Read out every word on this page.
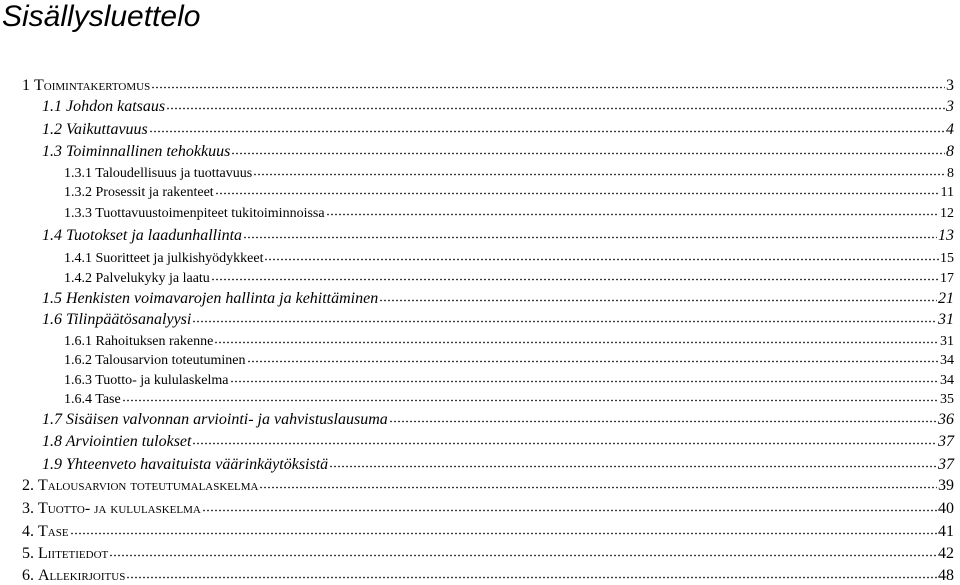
Sisällysluettelo
1 Toimintakertomus	3
1.1 Johdon katsaus	3
1.2 Vaikuttavuus	4
1.3 Toiminnallinen tehokkuus	8
1.3.1 Taloudellisuus ja tuottavuus	8
1.3.2 Prosessit ja rakenteet	11
1.3.3 Tuottavuustoimenpiteet tukitoiminnoissa	12
1.4 Tuotokset ja laadunhallinta	13
1.4.1 Suoritteet ja julkishyödykkeet	15
1.4.2 Palvelukyky ja laatu	17
1.5 Henkisten voimavarojen hallinta ja kehittäminen	21
1.6 Tilinpäätösanalyysi	31
1.6.1 Rahoituksen rakenne	31
1.6.2 Talousarvion toteutuminen	34
1.6.3 Tuotto- ja kululaskelma	34
1.6.4 Tase	35
1.7 Sisäisen valvonnan arviointi- ja vahvistuslausuma	36
1.8 Arviointien tulokset	37
1.9 Yhteenveto havaituista väärinkäytöksistä	37
2. Talousarvion toteutumalaskelma	39
3. Tuotto- ja kululaskelma	40
4. Tase	41
5. Liitetiedot	42
6. Allekirjoitus	48
